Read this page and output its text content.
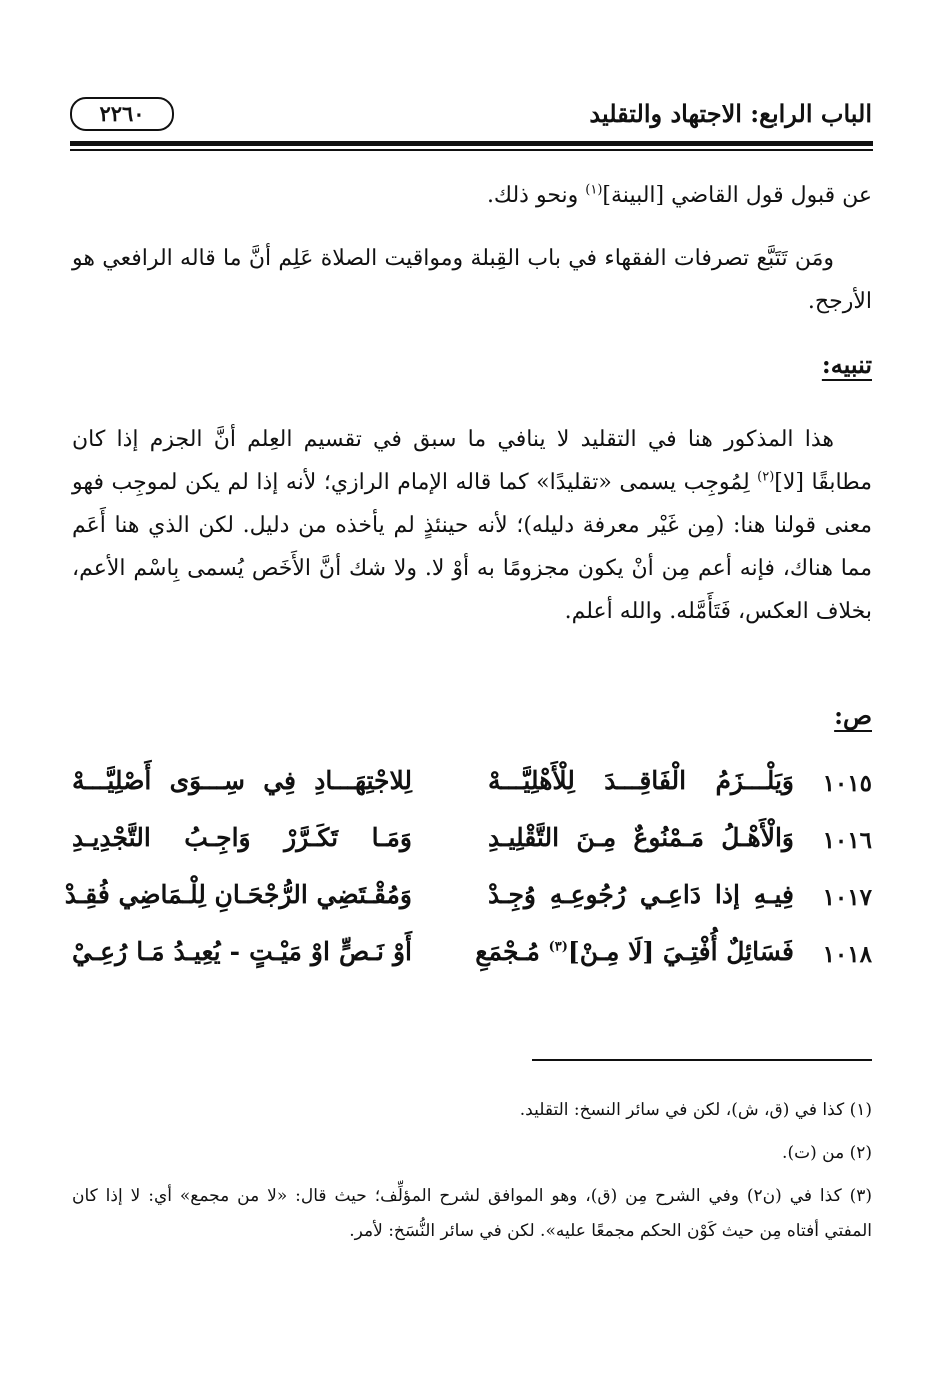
الباب الرابع: الاجتهاد والتقليد
٢٢٦٠
عن قبول قول القاضي [البينة]$^{(١)}$ ونحو ذلك.
ومَن تَتَبَّع تصرفات الفقهاء في باب القِبلة ومواقيت الصلاة عَلِم أنَّ ما قاله الرافعي هو الأرجح.
تنبيه:
هذا المذكور هنا في التقليد لا ينافي ما سبق في تقسيم العِلم أنَّ الجزم إذا كان مطابقًا [لا]$^{(٢)}$ لِمُوجِب يسمى «تقليدًا» كما قاله الإمام الرازي؛ لأنه إذا لم يكن لموجِب فهو معنى قولنا هنا: (مِن غَيْر معرفة دليله)؛ لأنه حينئذٍ لم يأخذه من دليل. لكن الذي هنا أَعَم مما هناك، فإنه أعم مِن أنْ يكون مجزومًا به أوْ لا. ولا شك أنَّ الأَخَص يُسمى بِاسْم الأعم، بخلاف العكس، فَتَأَمَّله. والله أعلم.
ص:
١٠١٥
وَيَلْـــزَمُ الْفَاقِـــدَ لِلْأَهْلِيَّـــهْ
لِلاجْتِهَـــادِ فِي سِـــوَى أَصْلِيَّـــهْ
١٠١٦
وَالْأَهْـلُ مَـمْنُوعٌ مِـنَ التَّقْلِيـدِ
وَمَـا تَكَـرَّرْ وَاجِـبُ التَّجْدِيـدِ
١٠١٧
فِيـهِ إذا دَاعِـي رُجُوعِـهِ وُجِـدْ
وَمُقْـتَضِي الرُّجْحَـانِ لِلْـمَاضِي فُقِـدْ
١٠١٨
فَسَائِلٌ أُفْتِـيَ [لَا مِـنْ]$^{(٣)}$ مُـجْمَعِ
أَوْ نَـصٍّ اوْ مَيْـتٍ - يُعِيـدُ مَـا رُعِـيْ
(١) كذا في (ق، ش)، لكن في سائر النسخ: التقليد.
(٢) من (ت).
(٣) كذا في (ن٢) وفي الشرح مِن (ق)، وهو الموافق لشرح المؤلِّف؛ حيث قال: «لا من مجمع» أي: لا إذا كان المفتي أفتاه مِن حيث كَوْن الحكم مجمعًا عليه». لكن في سائر النُّسَخ: لأمر.
